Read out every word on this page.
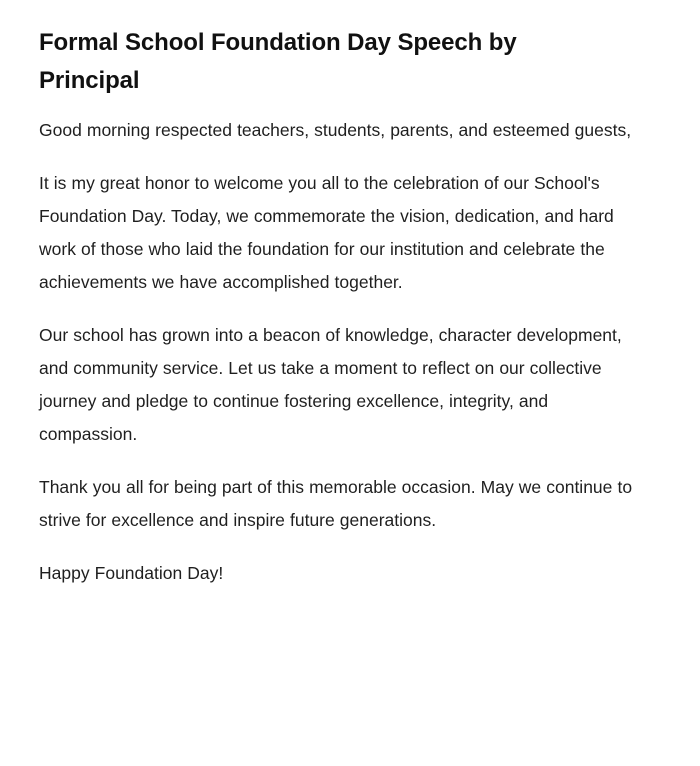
Formal School Foundation Day Speech by Principal

Good morning respected teachers, students, parents, and esteemed guests,

It is my great honor to welcome you all to the celebration of our School's Foundation Day. Today, we commemorate the vision, dedication, and hard work of those who laid the foundation for our institution and celebrate the achievements we have accomplished together.

Our school has grown into a beacon of knowledge, character development, and community service. Let us take a moment to reflect on our collective journey and pledge to continue fostering excellence, integrity, and compassion.

Thank you all for being part of this memorable occasion. May we continue to strive for excellence and inspire future generations.

Happy Foundation Day!
